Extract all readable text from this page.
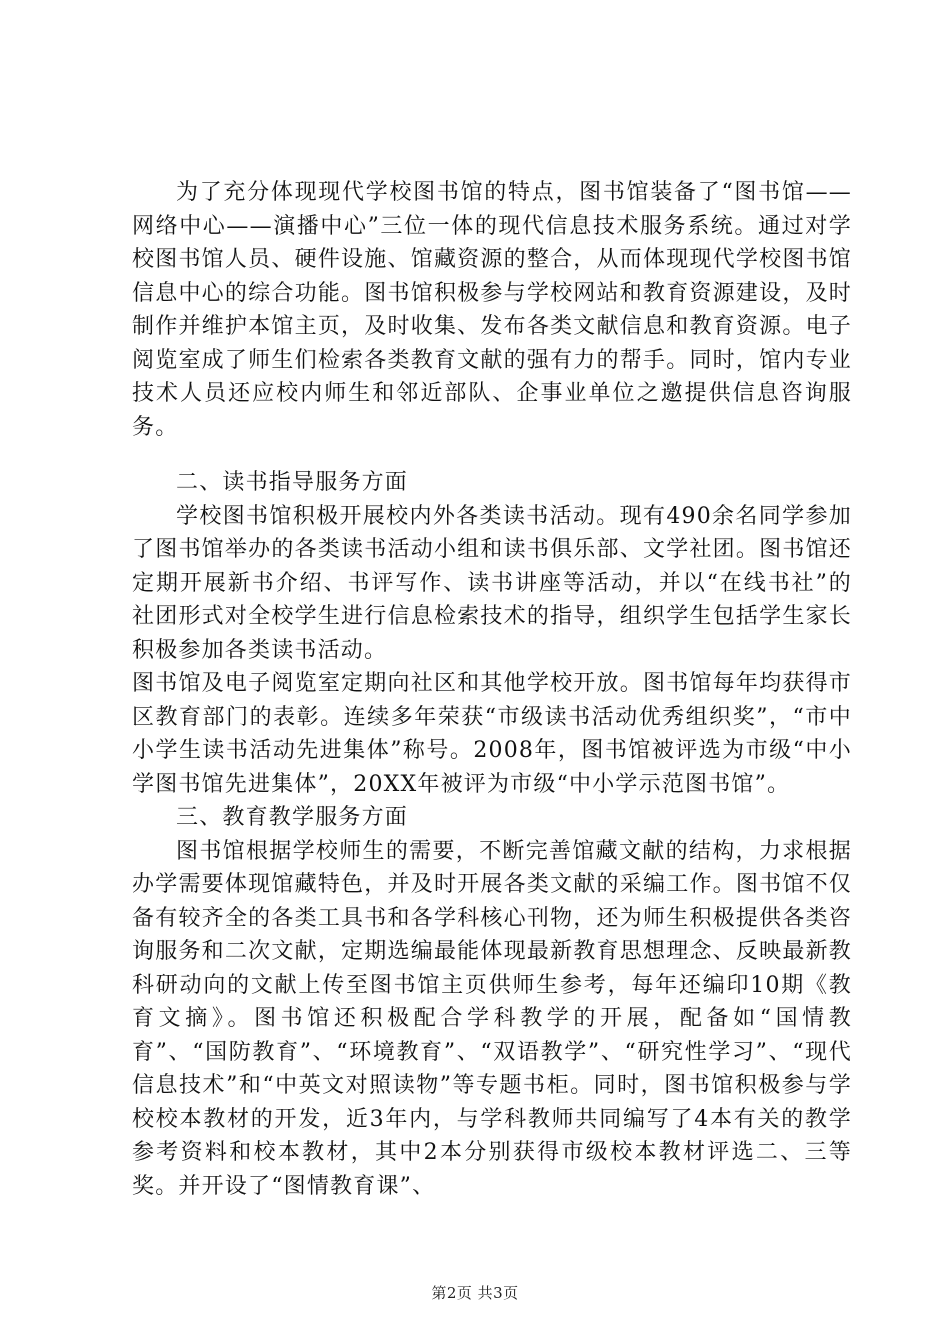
为了充分体现现代学校图书馆的特点，图书馆装备了“图书馆——网络中心——演播中心”三位一体的现代信息技术服务系统。通过对学校图书馆人员、硬件设施、馆藏资源的整合，从而体现现代学校图书馆信息中心的综合功能。图书馆积极参与学校网站和教育资源建设，及时制作并维护本馆主页，及时收集、发布各类文献信息和教育资源。电子阅览室成了师生们检索各类教育文献的强有力的帮手。同时，馆内专业技术人员还应校内师生和邻近部队、企事业单位之邀提供信息咨询服务。

二、读书指导服务方面

学校图书馆积极开展校内外各类读书活动。现有490余名同学参加了图书馆举办的各类读书活动小组和读书俱乐部、文学社团。图书馆还定期开展新书介绍、书评写作、读书讲座等活动，并以“在线书社”的社团形式对全校学生进行信息检索技术的指导，组织学生包括学生家长积极参加各类读书活动。

图书馆及电子阅览室定期向社区和其他学校开放。图书馆每年均获得市区教育部门的表彰。连续多年荣获“市级读书活动优秀组织奖”，“市中小学生读书活动先进集体”称号。2008年，图书馆被评选为市级“中小学图书馆先进集体”，20XX年被评为市级“中小学示范图书馆”。

三、教育教学服务方面

图书馆根据学校师生的需要，不断完善馆藏文献的结构，力求根据办学需要体现馆藏特色，并及时开展各类文献的采编工作。图书馆不仅备有较齐全的各类工具书和各学科核心刊物，还为师生积极提供各类咨询服务和二次文献，定期选编最能体现最新教育思想理念、反映最新教科研动向的文献上传至图书馆主页供师生参考，每年还编印10期《教育文摘》。图书馆还积极配合学科教学的开展，配备如“国情教育”、“国防教育”、“环境教育”、“双语教学”、“研究性学习”、“现代信息技术”和“中英文对照读物”等专题书柜。同时，图书馆积极参与学校校本教材的开发，近3年内，与学科教师共同编写了4本有关的教学参考资料和校本教材，其中2本分别获得市级校本教材评选二、三等奖。并开设了“图情教育课”、

第2页 共3页
